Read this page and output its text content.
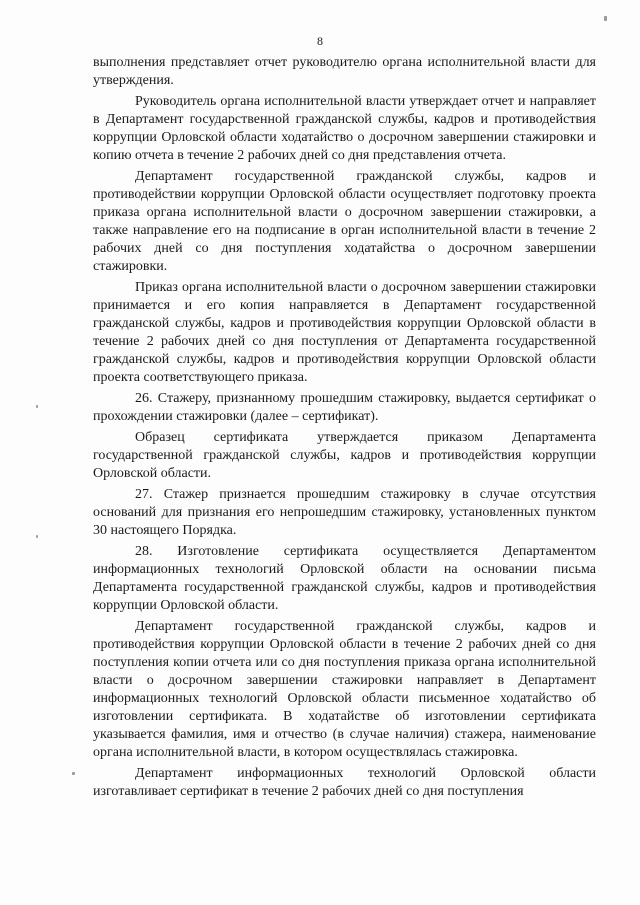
8

выполнения представляет отчет руководителю органа исполнительной власти для утверждения.

Руководитель органа исполнительной власти утверждает отчет и направляет в Департамент государственной гражданской службы, кадров и противодействия коррупции Орловской области ходатайство о досрочном завершении стажировки и копию отчета в течение 2 рабочих дней со дня представления отчета.

Департамент государственной гражданской службы, кадров и противодействии коррупции Орловской области осуществляет подготовку проекта приказа органа исполнительной власти о досрочном завершении стажировки, а также направление его на подписание в орган исполнительной власти в течение 2 рабочих дней со дня поступления ходатайства о досрочном завершении стажировки.

Приказ органа исполнительной власти о досрочном завершении стажировки принимается и его копия направляется в Департамент государственной гражданской службы, кадров и противодействия коррупции Орловской области в течение 2 рабочих дней со дня поступления от Департамента государственной гражданской службы, кадров и противодействия коррупции Орловской области проекта соответствующего приказа.

26. Стажеру, признанному прошедшим стажировку, выдается сертификат о прохождении стажировки (далее – сертификат).

Образец сертификата утверждается приказом Департамента государственной гражданской службы, кадров и противодействия коррупции Орловской области.

27. Стажер признается прошедшим стажировку в случае отсутствия оснований для признания его непрошедшим стажировку, установленных пунктом 30 настоящего Порядка.

28. Изготовление сертификата осуществляется Департаментом информационных технологий Орловской области на основании письма Департамента государственной гражданской службы, кадров и противодействия коррупции Орловской области.

Департамент государственной гражданской службы, кадров и противодействия коррупции Орловской области в течение 2 рабочих дней со дня поступления копии отчета или со дня поступления приказа органа исполнительной власти о досрочном завершении стажировки направляет в Департамент информационных технологий Орловской области письменное ходатайство об изготовлении сертификата. В ходатайстве об изготовлении сертификата указывается фамилия, имя и отчество (в случае наличия) стажера, наименование органа исполнительной власти, в котором осуществлялась стажировка.

Департамент информационных технологий Орловской области изготавливает сертификат в течение 2 рабочих дней со дня поступления
